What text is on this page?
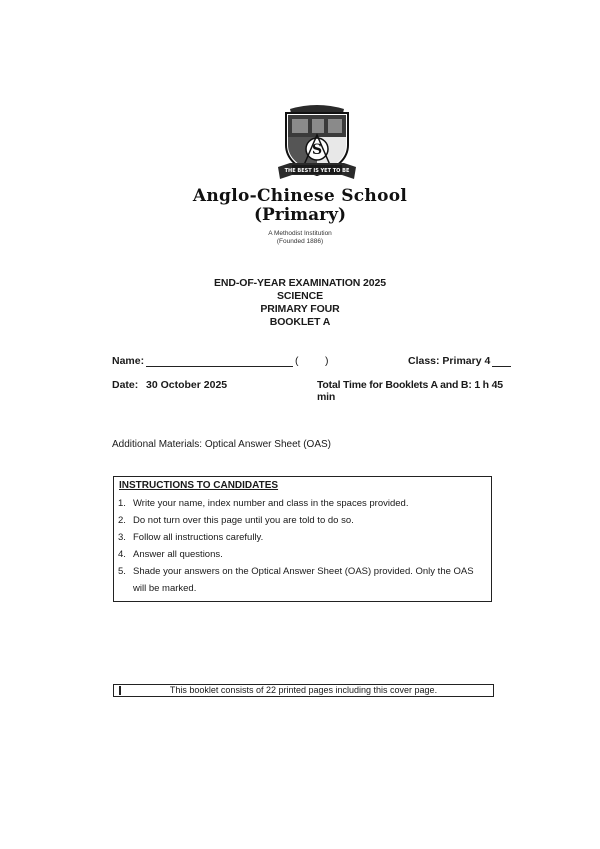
S
THE BEST IS YET TO BE
Anglo-Chinese School
(Primary)
A Methodist Institution
(Founded 1886)
END-OF-YEAR EXAMINATION 2025
SCIENCE
PRIMARY FOUR
BOOKLET A
Name:	(	)	Class: Primary 4
Date: 30 October 2025	Total Time for Booklets A and B: 1 h 45 min
Additional Materials: Optical Answer Sheet (OAS)
INSTRUCTIONS TO CANDIDATES
1. Write your name, index number and class in the spaces provided.
2. Do not turn over this page until you are told to do so.
3. Follow all instructions carefully.
4. Answer all questions.
5. Shade your answers on the Optical Answer Sheet (OAS) provided. Only the OAS
will be marked.
This booklet consists of 22 printed pages including this cover page.
